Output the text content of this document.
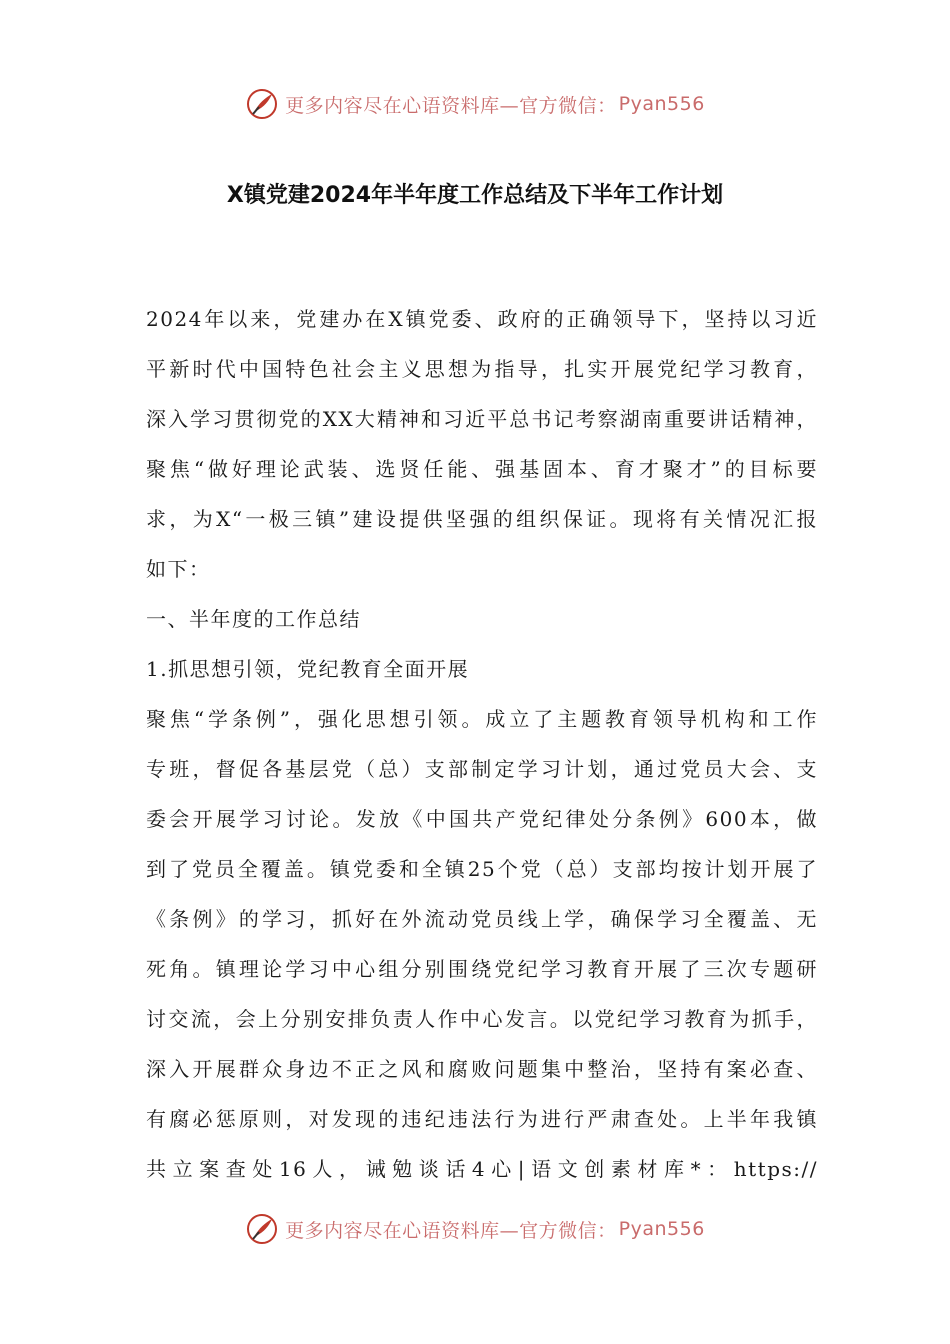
更多内容尽在心语资料库—官方微信： Pyan556
X镇党建2024年半年度工作总结及下半年工作计划
2024年以来，党建办在X镇党委、政府的正确领导下，坚持以习近
平新时代中国特色社会主义思想为指导，扎实开展党纪学习教育，
深入学习贯彻党的XX大精神和习近平总书记考察湖南重要讲话精神，
聚焦“做好理论武装、选贤任能、强基固本、育才聚才”的目标要
求，为X“一极三镇”建设提供坚强的组织保证。现将有关情况汇报
如下：
一、半年度的工作总结
1.抓思想引领，党纪教育全面开展
聚焦“学条例”，强化思想引领。成立了主题教育领导机构和工作
专班，督促各基层党（总）支部制定学习计划，通过党员大会、支
委会开展学习讨论。发放《中国共产党纪律处分条例》600本，做
到了党员全覆盖。镇党委和全镇25个党（总）支部均按计划开展了
《条例》的学习，抓好在外流动党员线上学，确保学习全覆盖、无
死角。镇理论学习中心组分别围绕党纪学习教育开展了三次专题研
讨交流，会上分别安排负责人作中心发言。以党纪学习教育为抓手，
深入开展群众身边不正之风和腐败问题集中整治，坚持有案必查、
有腐必惩原则，对发现的违纪违法行为进行严肃查处。上半年我镇
共立案查处16人，诫勉谈话4心|语文创素材库*：https://
更多内容尽在心语资料库—官方微信： Pyan556
